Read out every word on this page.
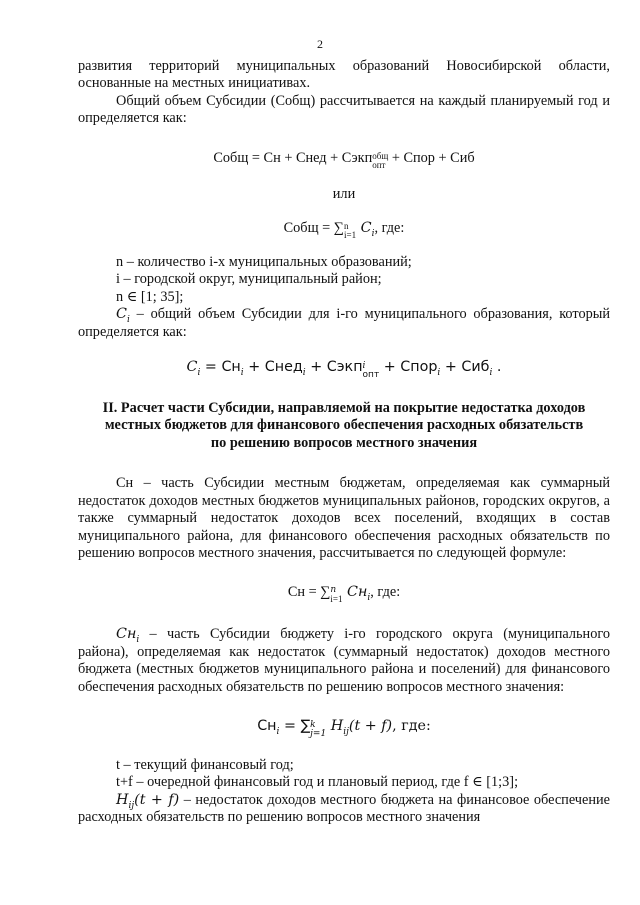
2

развития территорий муниципальных образований Новосибирской области, основанные на местных инициативах.

Общий объем Субсидии (Собщ) рассчитывается на каждый планируемый год и определяется как:

Собщ = Сн + Снед + Сэкп общ
опт + Спор + Сиб

или

Собщ = ∑ n
i=1 $C_i$, где:

n – количество i-х муниципальных образований;

i – городской округ, муниципальный район;

n ∈ [1; 35];

$C_i$ – общий объем Субсидии для i-го муниципального образования, который определяется как:

$C_i = Сн_i$ + Снед$_i$ + Сэкп i
опт + Спор$_i$ + Сиб$_i$ .

II. Расчет части Субсидии, направляемой на покрытие недостатка доходов местных бюджетов для финансового обеспечения расходных обязательств по решению вопросов местного значения

Сн – часть Субсидии местным бюджетам, определяемая как суммарный недостаток доходов местных бюджетов муниципальных районов, городских округов, а также суммарный недостаток доходов всех поселений, входящих в состав муниципального района, для финансового обеспечения расходных обязательств по решению вопросов местного значения, рассчитывается по следующей формуле:

Сн = ∑ n
i=1 $Сн_i$, где:

$Сн_i$ – часть Субсидии бюджету i-го городского округа (муниципального района), определяемая как недостаток (суммарный недостаток) доходов местного бюджета (местных бюджетов муниципального района и поселений) для финансового обеспечения расходных обязательств по решению вопросов местного значения:

$Сн_i$ = ∑ k
j=1 $H_{ij}(t + f)$, где:

t – текущий финансовый год;

t+f – очередной финансовый год и плановый период, где f ∈ [1;3];

$H_{ij}(t + f)$ – недостаток доходов местного бюджета на финансовое обеспечение расходных обязательств по решению вопросов местного значения
